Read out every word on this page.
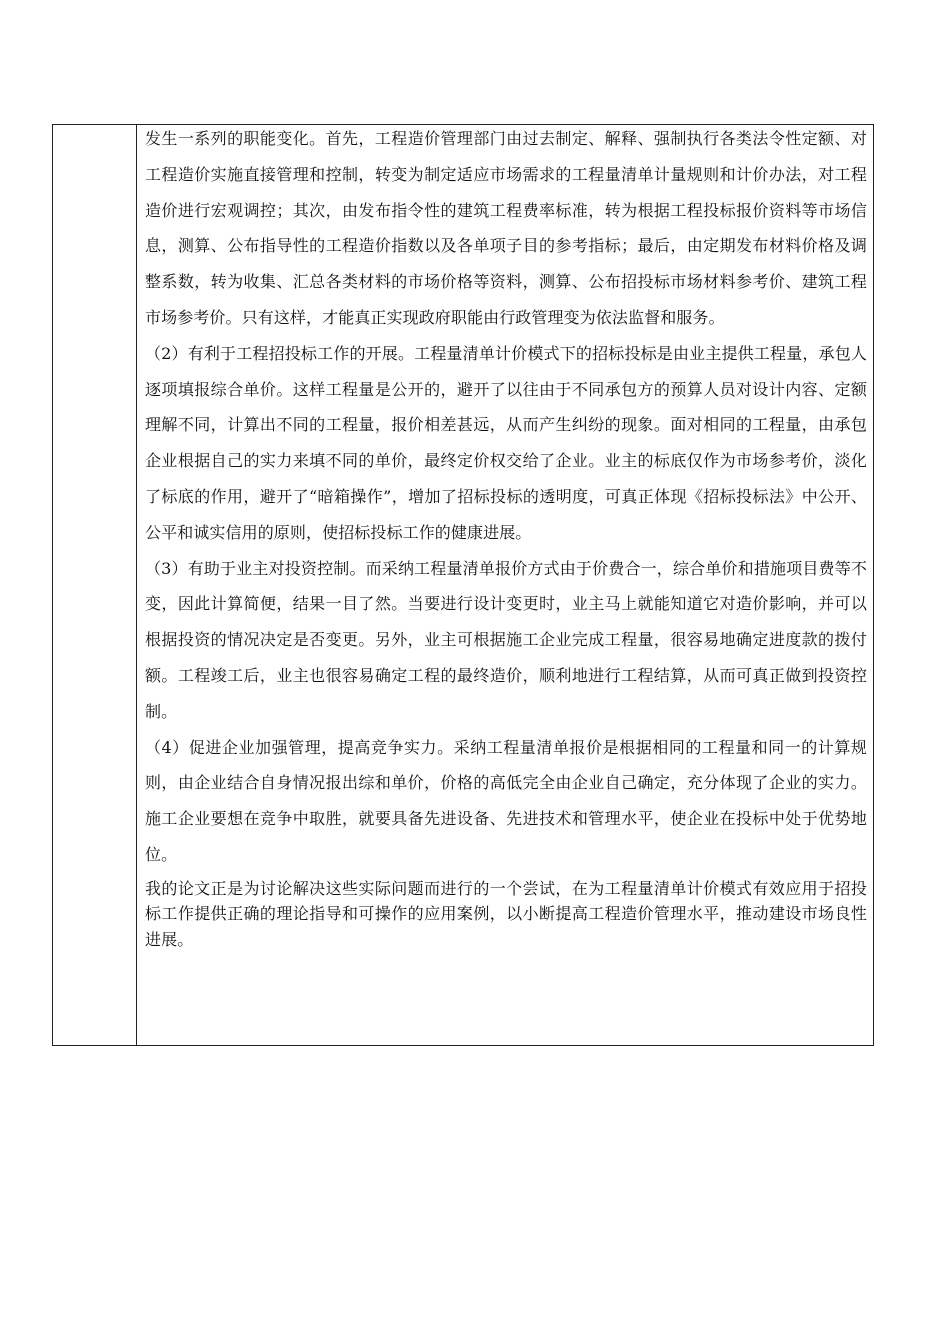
发生一系列的职能变化。首先，工程造价管理部门由过去制定、解释、强制执行各类法令性定额、对工程造价实施直接管理和控制，转变为制定适应市场需求的工程量清单计量规则和计价办法，对工程造价进行宏观调控；其次，由发布指令性的建筑工程费率标准，转为根据工程投标报价资料等市场信息，测算、公布指导性的工程造价指数以及各单项子目的参考指标；最后，由定期发布材料价格及调整系数，转为收集、汇总各类材料的市场价格等资料，测算、公布招投标市场材料参考价、建筑工程市场参考价。只有这样，才能真正实现政府职能由行政管理变为依法监督和服务。

（2）有利于工程招投标工作的开展。工程量清单计价模式下的招标投标是由业主提供工程量，承包人逐项填报综合单价。这样工程量是公开的，避开了以往由于不同承包方的预算人员对设计内容、定额理解不同，计算出不同的工程量，报价相差甚远，从而产生纠纷的现象。面对相同的工程量，由承包企业根据自己的实力来填不同的单价，最终定价权交给了企业。业主的标底仅作为市场参考价，淡化了标底的作用，避开了“暗箱操作”，增加了招标投标的透明度，可真正体现《招标投标法》中公开、公平和诚实信用的原则，使招标投标工作的健康进展。

（3）有助于业主对投资控制。而采纳工程量清单报价方式由于价费合一，综合单价和措施项目费等不变，因此计算简便，结果一目了然。当要进行设计变更时，业主马上就能知道它对造价影响，并可以根据投资的情况决定是否变更。另外，业主可根据施工企业完成工程量，很容易地确定进度款的拨付额。工程竣工后，业主也很容易确定工程的最终造价，顺利地进行工程结算，从而可真正做到投资控制。

（4）促进企业加强管理，提高竞争实力。采纳工程量清单报价是根据相同的工程量和同一的计算规则，由企业结合自身情况报出综和单价，价格的高低完全由企业自己确定，充分体现了企业的实力。施工企业要想在竞争中取胜，就要具备先进设备、先进技术和管理水平，使企业在投标中处于优势地位。

我的论文正是为讨论解决这些实际问题而进行的一个尝试，在为工程量清单计价模式有效应用于招投标工作提供正确的理论指导和可操作的应用案例，以小断提高工程造价管理水平，推动建设市场良性进展。
